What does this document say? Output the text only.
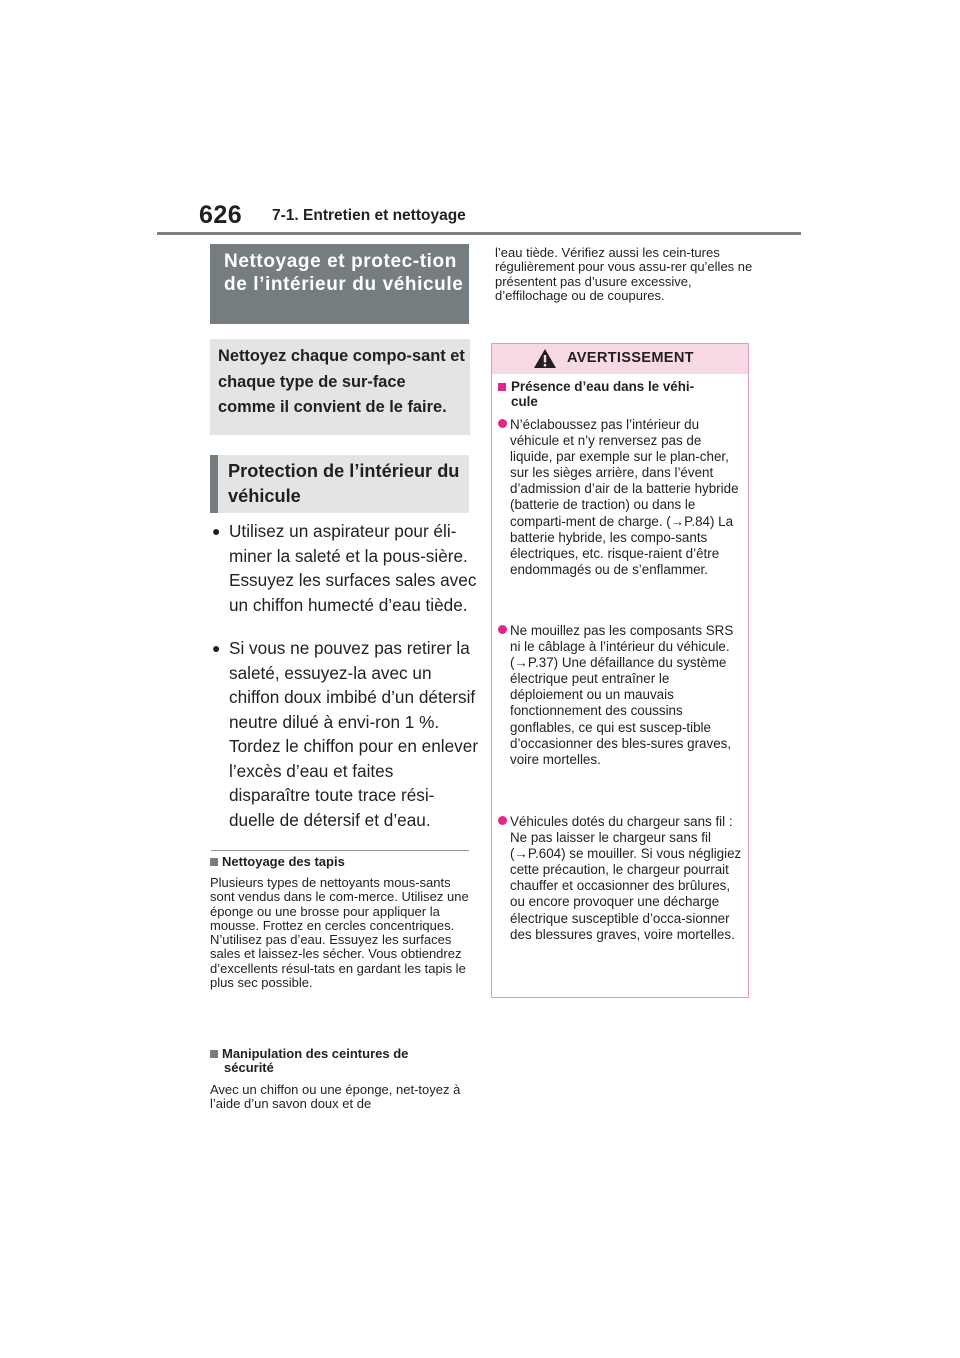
626 7-1. Entretien et nettoyage
Nettoyage et protec-tion de l’intérieur du véhicule
Nettoyez chaque compo-sant et chaque type de sur-face comme il convient de le faire.
Protection de l’intérieur du véhicule
● Utilisez un aspirateur pour éli-miner la saleté et la pous-sière. Essuyez les surfaces sales avec un chiffon humecté d’eau tiède.
● Si vous ne pouvez pas retirer la saleté, essuyez-la avec un chiffon doux imbibé d’un détersif neutre dilué à envi-ron 1 %.
Tordez le chiffon pour en enlever l’excès d’eau et faites disparaître toute trace rési-duelle de détersif et d’eau.
Nettoyage des tapis
Plusieurs types de nettoyants mous-sants sont vendus dans le com-merce. Utilisez une éponge ou une brosse pour appliquer la mousse. Frottez en cercles concentriques. N’utilisez pas d’eau. Essuyez les surfaces sales et laissez-les sécher. Vous obtiendrez d’excellents résul-tats en gardant les tapis le plus sec possible.
Manipulation des ceintures de
sécurité
Avec un chiffon ou une éponge, net-toyez à l’aide d’un savon doux et de
l’eau tiède. Vérifiez aussi les cein-tures régulièrement pour vous assu-rer qu’elles ne présentent pas d’usure excessive, d’effilochage ou de coupures.
AVERTISSEMENT
Présence d’eau dans le véhi-
cule
N’éclaboussez pas l’intérieur du véhicule et n’y renversez pas de liquide, par exemple sur le plan-cher, sur les sièges arrière, dans l’évent d’admission d’air de la batterie hybride (batterie de traction) ou dans le comparti-ment de charge. (→P.84) La batterie hybride, les compo-sants électriques, etc. risque-raient d’être endommagés ou de s’enflammer.
Ne mouillez pas les composants SRS ni le câblage à l’intérieur du véhicule. (→P.37) Une défaillance du système électrique peut entraîner le déploiement ou un mauvais fonctionnement des coussins gonflables, ce qui est suscep-tible d’occasionner des bles-sures graves, voire mortelles.
Véhicules dotés du chargeur sans fil : Ne pas laisser le chargeur sans fil (→P.604) se mouiller. Si vous négligiez cette précaution, le chargeur pourrait chauffer et occasionner des brûlures, ou encore provoquer une décharge électrique susceptible d’occa-sionner des blessures graves, voire mortelles.
